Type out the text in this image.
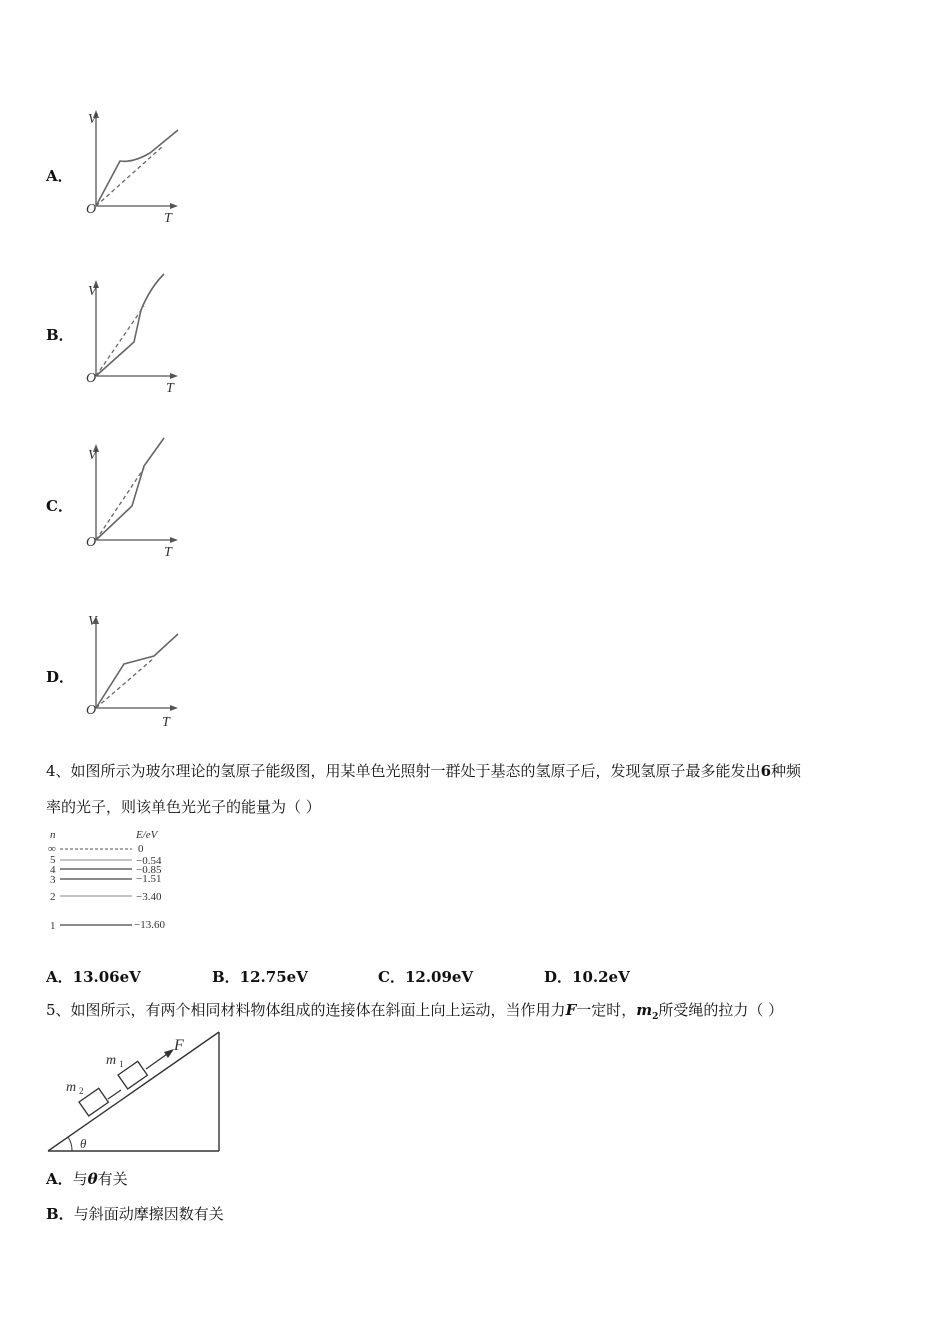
A．
V
O
T
B．
V
O
T
C．
V
O
T
D．
V
O
T
4、如图所示为玻尔理论的氢原子能级图，用某单色光照射一群处于基态的氢原子后，发现氢原子最多能发出6种频
率的光子，则该单色光光子的能量为（ ）
n	E/eV
∞	0
5	−0.54
4	−0.85
3	−1.51
2	−3.40
1	−13.60
A．13.06eV	B．12.75eV	C．12.09eV	D．10.2eV
5、如图所示，有两个相同材料物体组成的连接体在斜面上向上运动，当作用力F一定时，$m_2$所受绳的拉力（ ）
θ
m 2
m 1
F
A．与θ有关
B．与斜面动摩擦因数有关
